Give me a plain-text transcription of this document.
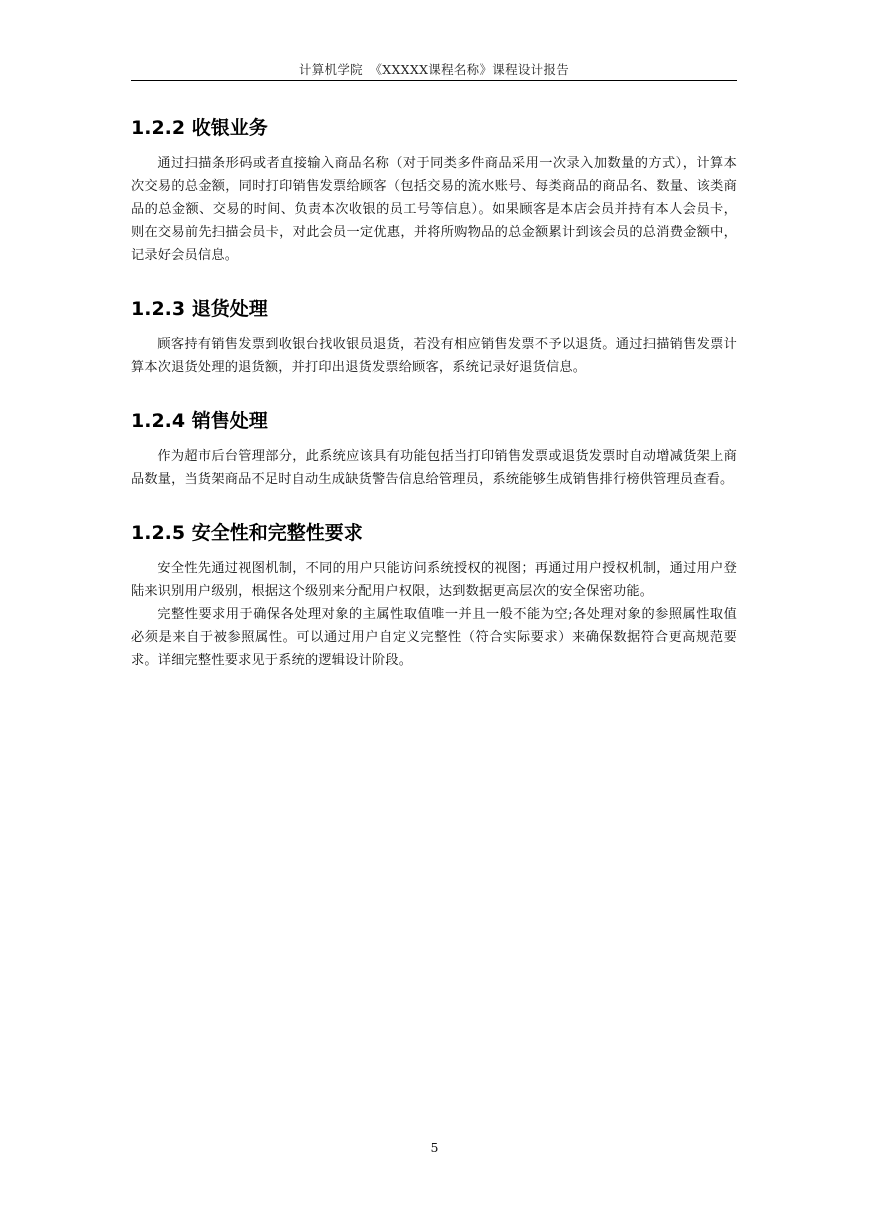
计算机学院　《XXXXX课程名称》课程设计报告
1.2.2 收银业务

通过扫描条形码或者直接输入商品名称（对于同类多件商品采用一次录入加数量的方式），计算本次交易的总金额，同时打印销售发票给顾客（包括交易的流水账号、每类商品的商品名、数量、该类商品的总金额、交易的时间、负责本次收银的员工号等信息）。如果顾客是本店会员并持有本人会员卡，则在交易前先扫描会员卡，对此会员一定优惠，并将所购物品的总金额累计到该会员的总消费金额中，记录好会员信息。

1.2.3 退货处理

顾客持有销售发票到收银台找收银员退货，若没有相应销售发票不予以退货。通过扫描销售发票计算本次退货处理的退货额，并打印出退货发票给顾客，系统记录好退货信息。

1.2.4 销售处理

作为超市后台管理部分，此系统应该具有功能包括当打印销售发票或退货发票时自动增减货架上商品数量，当货架商品不足时自动生成缺货警告信息给管理员，系统能够生成销售排行榜供管理员查看。

1.2.5 安全性和完整性要求

安全性先通过视图机制，不同的用户只能访问系统授权的视图；再通过用户授权机制，通过用户登陆来识别用户级别，根据这个级别来分配用户权限，达到数据更高层次的安全保密功能。

完整性要求用于确保各处理对象的主属性取值唯一并且一般不能为空;各处理对象的参照属性取值必须是来自于被参照属性。可以通过用户自定义完整性（符合实际要求）来确保数据符合更高规范要求。详细完整性要求见于系统的逻辑设计阶段。

5
